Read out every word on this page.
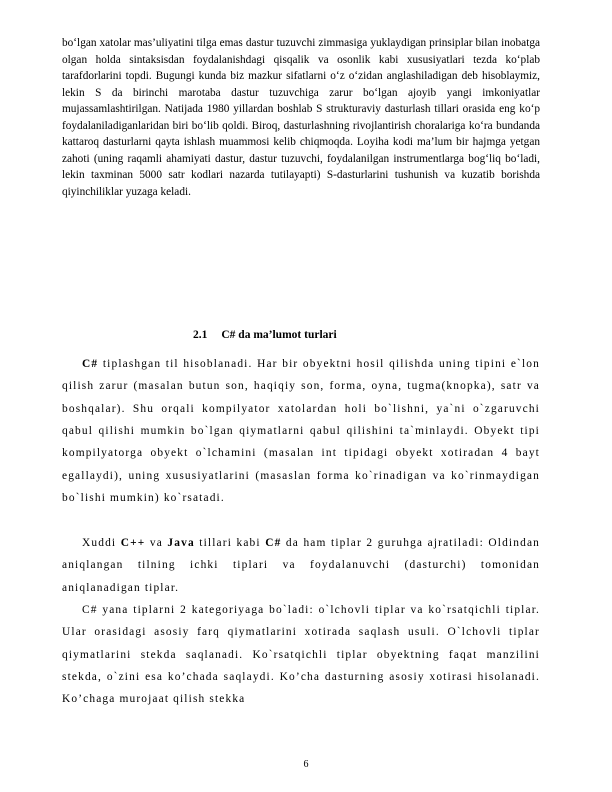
bo‘lgan xatolar mas’uliyatini tilga emas dastur tuzuvchi zimmasiga yuklaydigan prinsiplar bilan inobatga olgan holda sintaksisdan foydalanishdagi qisqalik va osonlik kabi xususiyatlari tezda ko‘plab tarafdorlarini topdi. Bugungi kunda biz mazkur sifatlarni o‘z o‘zidan anglashiladigan deb hisoblaymiz, lekin S da birinchi marotaba dastur tuzuvchiga zarur bo‘lgan ajoyib yangi imkoniyatlar mujassamlashtirilgan. Natijada 1980 yillardan boshlab S strukturaviy dasturlash tillari orasida eng ko‘p foydalaniladiganlaridan biri bo‘lib qoldi. Biroq, dasturlashning rivojlantirish choralariga ko‘ra bundanda kattaroq dasturlarni qayta ishlash muammosi kelib chiqmoqda. Loyiha kodi ma’lum bir hajmga yetgan zahoti (uning raqamli ahamiyati dastur, dastur tuzuvchi, foydalanilgan instrumentlarga bog‘liq bo‘ladi, lekin taxminan 5000 satr kodlari nazarda tutilayapti) S-dasturlarini tushunish va kuzatib borishda qiyinchiliklar yuzaga keladi.

2.1 C# da ma’lumot turlari

C# tiplashgan til hisoblanadi. Har bir obyektni hosil qilishda uning tipini e`lon qilish zarur (masalan butun son, haqiqiy son, forma, oyna, tugma(knopka), satr va boshqalar). Shu orqali kompilyator xatolardan holi bo`lishni, ya`ni o`zgaruvchi qabul qilishi mumkin bo`lgan qiymatlarni qabul qilishini ta`minlaydi. Obyekt tipi kompilyatorga obyekt o`lchamini (masalan int tipidagi obyekt xotiradan 4 bayt egallaydi), uning xususiyatlarini (masaslan forma ko`rinadigan va ko`rinmaydigan bo`lishi mumkin) ko`rsatadi.

Xuddi C++ va Java tillari kabi C# da ham tiplar 2 guruhga ajratiladi: Oldindan aniqlangan tilning ichki tiplari va foydalanuvchi (dasturchi) tomonidan aniqlanadigan tiplar.

C# yana tiplarni 2 kategoriyaga bo`ladi: o`lchovli tiplar va ko`rsatqichli tiplar. Ular orasidagi asosiy farq qiymatlarini xotirada saqlash usuli. O`lchovli tiplar qiymatlarini stekda saqlanadi. Ko`rsatqichli tiplar obyektning faqat manzilini stekda, o`zini esa ko’chada saqlaydi. Ko’cha dasturning asosiy xotirasi hisolanadi. Ko’chaga murojaat qilish stekka

6
